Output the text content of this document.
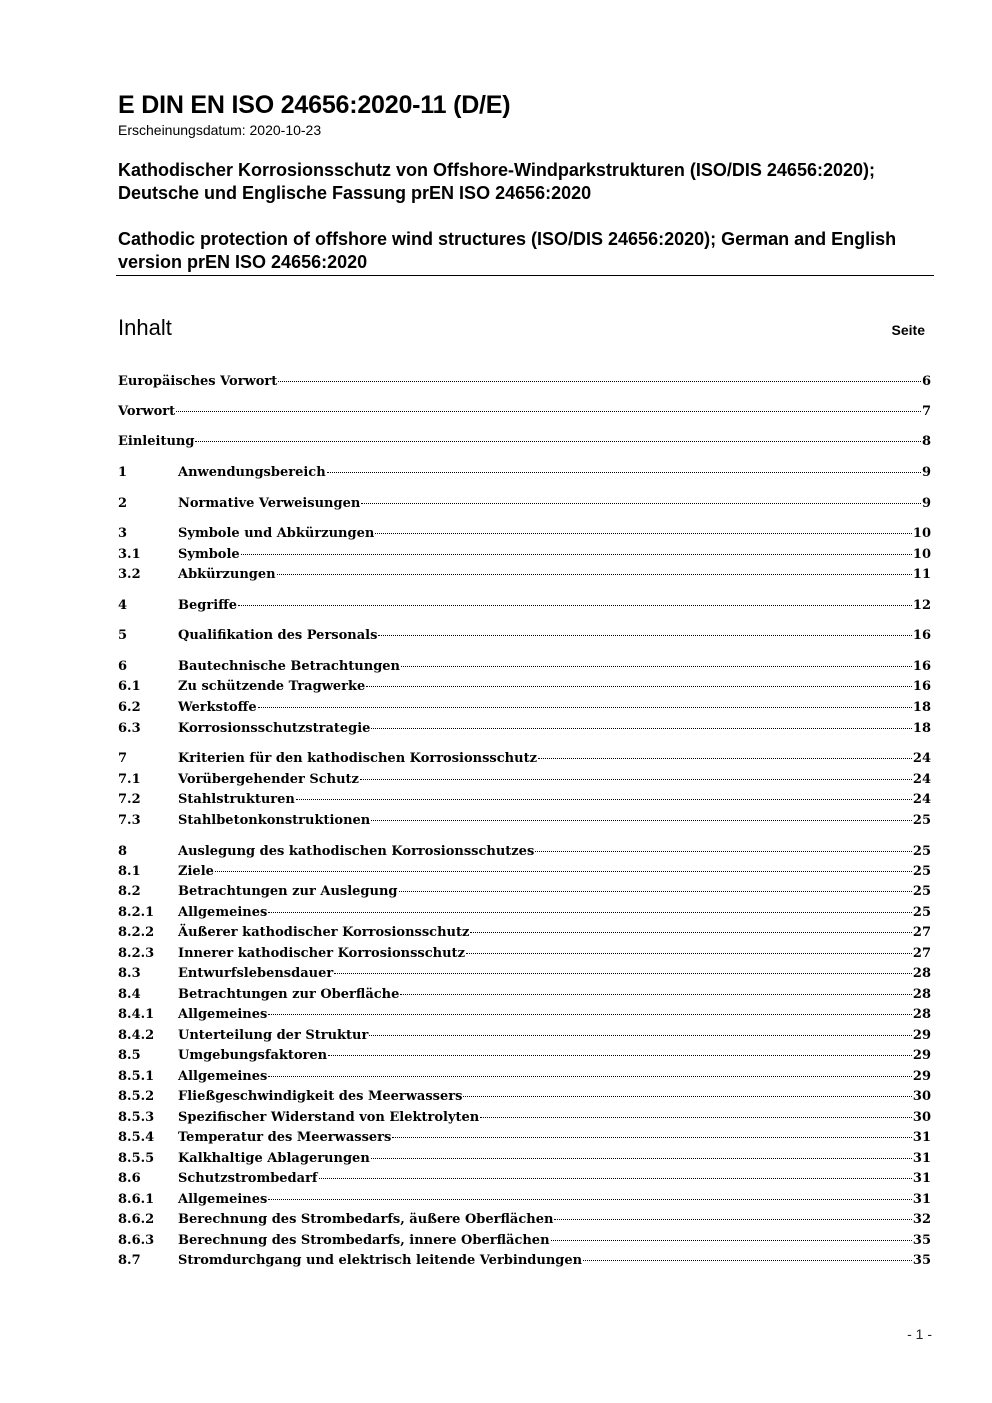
E DIN EN ISO 24656:2020-11 (D/E)

Erscheinungsdatum: 2020-10-23

Kathodischer Korrosionsschutz von Offshore-Windparkstrukturen (ISO/DIS 24656:2020); Deutsche und Englische Fassung prEN ISO 24656:2020

Cathodic protection of offshore wind structures (ISO/DIS 24656:2020); German and English version prEN ISO 24656:2020

Inhalt	Seite

Europäisches Vorwort	6
Vorwort	7
Einleitung	8
1	Anwendungsbereich	9
2	Normative Verweisungen	9
3	Symbole und Abkürzungen	10
3.1	Symbole	10
3.2	Abkürzungen	11
4	Begriffe	12
5	Qualifikation des Personals	16
6	Bautechnische Betrachtungen	16
6.1	Zu schützende Tragwerke	16
6.2	Werkstoffe	18
6.3	Korrosionsschutzstrategie	18
7	Kriterien für den kathodischen Korrosionsschutz	24
7.1	Vorübergehender Schutz	24
7.2	Stahlstrukturen	24
7.3	Stahlbetonkonstruktionen	25
8	Auslegung des kathodischen Korrosionsschutzes	25
8.1	Ziele	25
8.2	Betrachtungen zur Auslegung	25
8.2.1	Allgemeines	25
8.2.2	Äußerer kathodischer Korrosionsschutz	27
8.2.3	Innerer kathodischer Korrosionsschutz	27
8.3	Entwurfslebensdauer	28
8.4	Betrachtungen zur Oberfläche	28
8.4.1	Allgemeines	28
8.4.2	Unterteilung der Struktur	29
8.5	Umgebungsfaktoren	29
8.5.1	Allgemeines	29
8.5.2	Fließgeschwindigkeit des Meerwassers	30
8.5.3	Spezifischer Widerstand von Elektrolyten	30
8.5.4	Temperatur des Meerwassers	31
8.5.5	Kalkhaltige Ablagerungen	31
8.6	Schutzstrombedarf	31
8.6.1	Allgemeines	31
8.6.2	Berechnung des Strombedarfs, äußere Oberflächen	32
8.6.3	Berechnung des Strombedarfs, innere Oberflächen	35
8.7	Stromdurchgang und elektrisch leitende Verbindungen	35

- 1 -
